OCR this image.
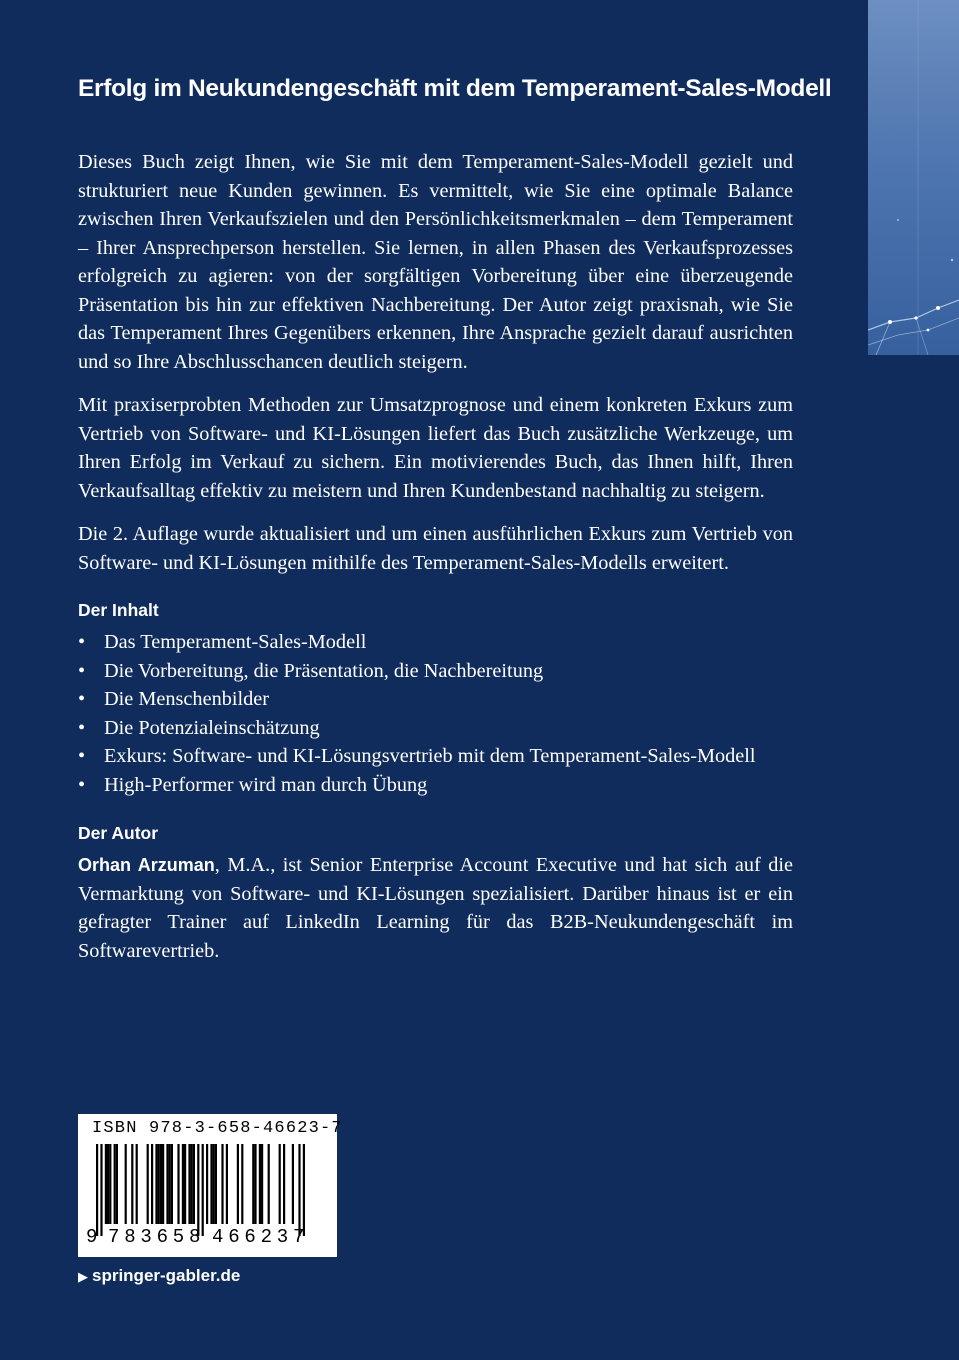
Erfolg im Neukundengeschäft mit dem Temperament-Sales-Modell

Dieses Buch zeigt Ihnen, wie Sie mit dem Temperament-Sales-Modell gezielt und strukturiert neue Kunden gewinnen. Es vermittelt, wie Sie eine optimale Balance zwischen Ihren Verkaufszielen und den Persönlichkeitsmerkmalen – dem Temperament – Ihrer Ansprechperson herstellen. Sie lernen, in allen Phasen des Verkaufsprozesses erfolgreich zu agieren: von der sorgfältigen Vorbereitung über eine überzeugende Präsentation bis hin zur effektiven Nachbereitung. Der Autor zeigt praxisnah, wie Sie das Temperament Ihres Gegenübers erkennen, Ihre Ansprache gezielt darauf ausrichten und so Ihre Abschlusschancen deutlich steigern.

Mit praxiserprobten Methoden zur Umsatzprognose und einem konkreten Exkurs zum Vertrieb von Software- und KI-Lösungen liefert das Buch zusätzliche Werkzeuge, um Ihren Erfolg im Verkauf zu sichern. Ein motivierendes Buch, das Ihnen hilft, Ihren Verkaufsalltag effektiv zu meistern und Ihren Kundenbestand nachhaltig zu steigern.

Die 2. Auflage wurde aktualisiert und um einen ausführlichen Exkurs zum Vertrieb von Software- und KI-Lösungen mithilfe des Temperament-Sales-Modells erweitert.

Der Inhalt
• Das Temperament-Sales-Modell
• Die Vorbereitung, die Präsentation, die Nachbereitung
• Die Menschenbilder
• Die Potenzialeinschätzung
• Exkurs: Software- und KI-Lösungsvertrieb mit dem Temperament-Sales-Modell
• High-Performer wird man durch Übung
Der Autor

Orhan Arzuman, M.A., ist Senior Enterprise Account Executive und hat sich auf die Vermarktung von Software- und KI-Lösungen spezialisiert. Darüber hinaus ist er ein gefragter Trainer auf LinkedIn Learning für das B2B-Neukundengeschäft im Softwarevertrieb.

ISBN 978-3-658-46623-7
9 783658 466237
▶ springer-gabler.de
